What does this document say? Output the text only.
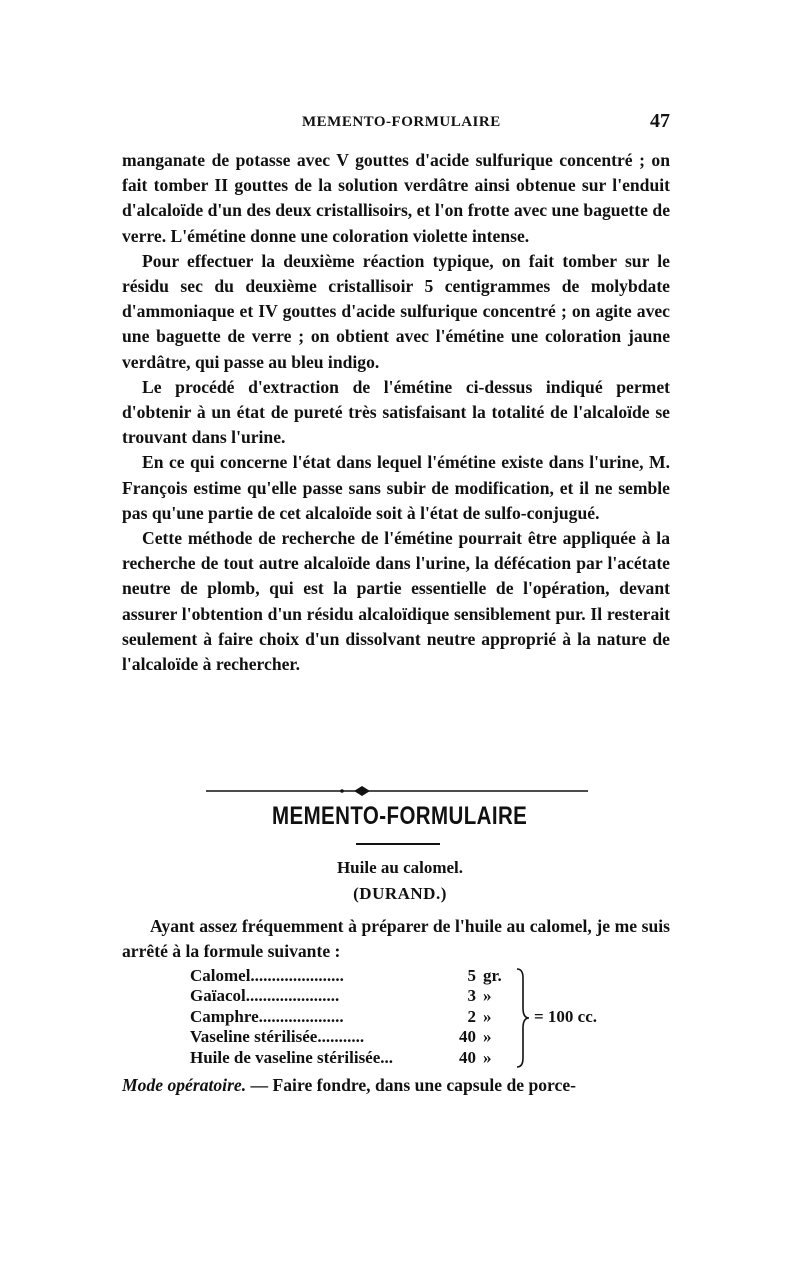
MEMENTO-FORMULAIRE	47

manganate de potasse avec V gouttes d'acide sulfurique concentré ; on fait tomber II gouttes de la solution verdâtre ainsi obtenue sur l'enduit d'alcaloïde d'un des deux cristallisoirs, et l'on frotte avec une baguette de verre. L'émétine donne une coloration violette intense.

Pour effectuer la deuxième réaction typique, on fait tomber sur le résidu sec du deuxième cristallisoir 5 centigrammes de molybdate d'ammoniaque et IV gouttes d'acide sulfurique concentré ; on agite avec une baguette de verre ; on obtient avec l'émétine une coloration jaune verdâtre, qui passe au bleu indigo.

Le procédé d'extraction de l'émétine ci-dessus indiqué permet d'obtenir à un état de pureté très satisfaisant la totalité de l'alcaloïde se trouvant dans l'urine.

En ce qui concerne l'état dans lequel l'émétine existe dans l'urine, M. François estime qu'elle passe sans subir de modification, et il ne semble pas qu'une partie de cet alcaloïde soit à l'état de sulfo-conjugué.

Cette méthode de recherche de l'émétine pourrait être appliquée à la recherche de tout autre alcaloïde dans l'urine, la défécation par l'acétate neutre de plomb, qui est la partie essentielle de l'opération, devant assurer l'obtention d'un résidu alcaloïdique sensiblement pur. Il resterait seulement à faire choix d'un dissolvant neutre approprié à la nature de l'alcaloïde à rechercher.

MEMENTO-FORMULAIRE
Huile au calomel.
(DURAND.)

Ayant assez fréquemment à préparer de l'huile au calomel, je me suis arrêté à la formule suivante :

Calomel......................	5 gr.
Gaïacol......................	3 »
Camphre....................	2 »
Vaseline stérilisée...........	40 »
Huile de vaseline stérilisée...	40 »
= 100 cc.
Mode opératoire. — Faire fondre, dans une capsule de porce-
